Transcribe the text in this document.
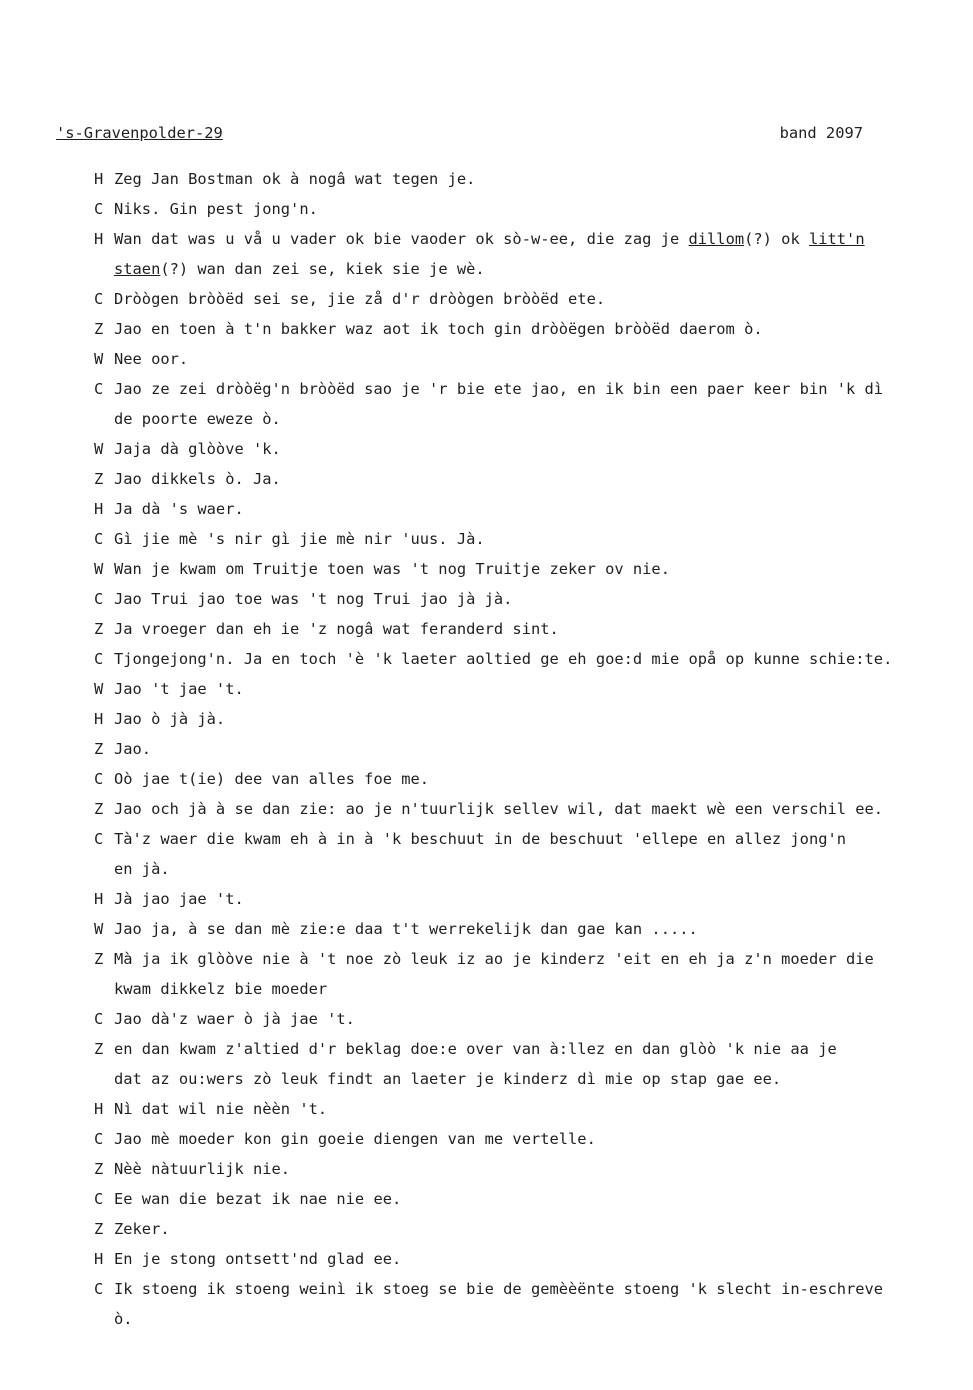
's-Gravenpolder-29	band 2097
H Zeg Jan Bostman ok à nogâ wat tegen je.
C Niks. Gin pest jong'n.
H Wan dat was u vå u vader ok bie vaoder ok sò-w-ee, die zag je dillom(?) ok litt'n
staen(?) wan dan zei se, kiek sie je wè.
C Dròògen bròòëd sei se, jie zå d'r dròògen bròòëd ete.
Z Jao en toen à t'n bakker waz aot ik toch gin dròòëgen bròòëd daerom ò.
W Nee oor.
C Jao ze zei dròòëg'n bròòëd sao je 'r bie ete jao, en ik bin een paer keer bin 'k dì
de poorte eweze ò.
W Jaja dà glòòve 'k.
Z Jao dikkels ò. Ja.
H Ja dà 's waer.
C Gì jie mè 's nir gì jie mè nir 'uus. Jà.
W Wan je kwam om Truitje toen was 't nog Truitje zeker ov nie.
C Jao Trui jao toe was 't nog Trui jao jà jà.
Z Ja vroeger dan eh ie 'z nogâ wat feranderd sint.
C Tjongejong'n. Ja en toch 'è 'k laeter aoltied ge eh goe:d mie opå op kunne schie:te.
W Jao 't jae 't.
H Jao ò jà jà.
Z Jao.
C Oò jae t(ie) dee van alles foe me.
Z Jao och jà à se dan zie: ao je n'tuurlijk sellev wil, dat maekt wè een verschil ee.
C Tà'z waer die kwam eh à in à 'k beschuut in de beschuut 'ellepe en allez jong'n
en jà.
H Jà jao jae 't.
W Jao ja, à se dan mè zie:e daa t't werrekelijk dan gae kan .....
Z Mà ja ik glòòve nie à 't noe zò leuk iz ao je kinderz 'eit en eh ja z'n moeder die
kwam dikkelz bie moeder
C Jao dà'z waer ò jà jae 't.
Z en dan kwam z'altied d'r beklag doe:e over van à:llez en dan glòò 'k nie aa je
dat az ou:wers zò leuk findt an laeter je kinderz dì mie op stap gae ee.
H Nì dat wil nie nèèn 't.
C Jao mè moeder kon gin goeie diengen van me vertelle.
Z Nèè nàtuurlijk nie.
C Ee wan die bezat ik nae nie ee.
Z Zeker.
H En je stong ontsett'nd glad ee.
C Ik stoeng ik stoeng weinì ik stoeg se bie de gemèèënte stoeng 'k slecht in-eschreve
ò.
